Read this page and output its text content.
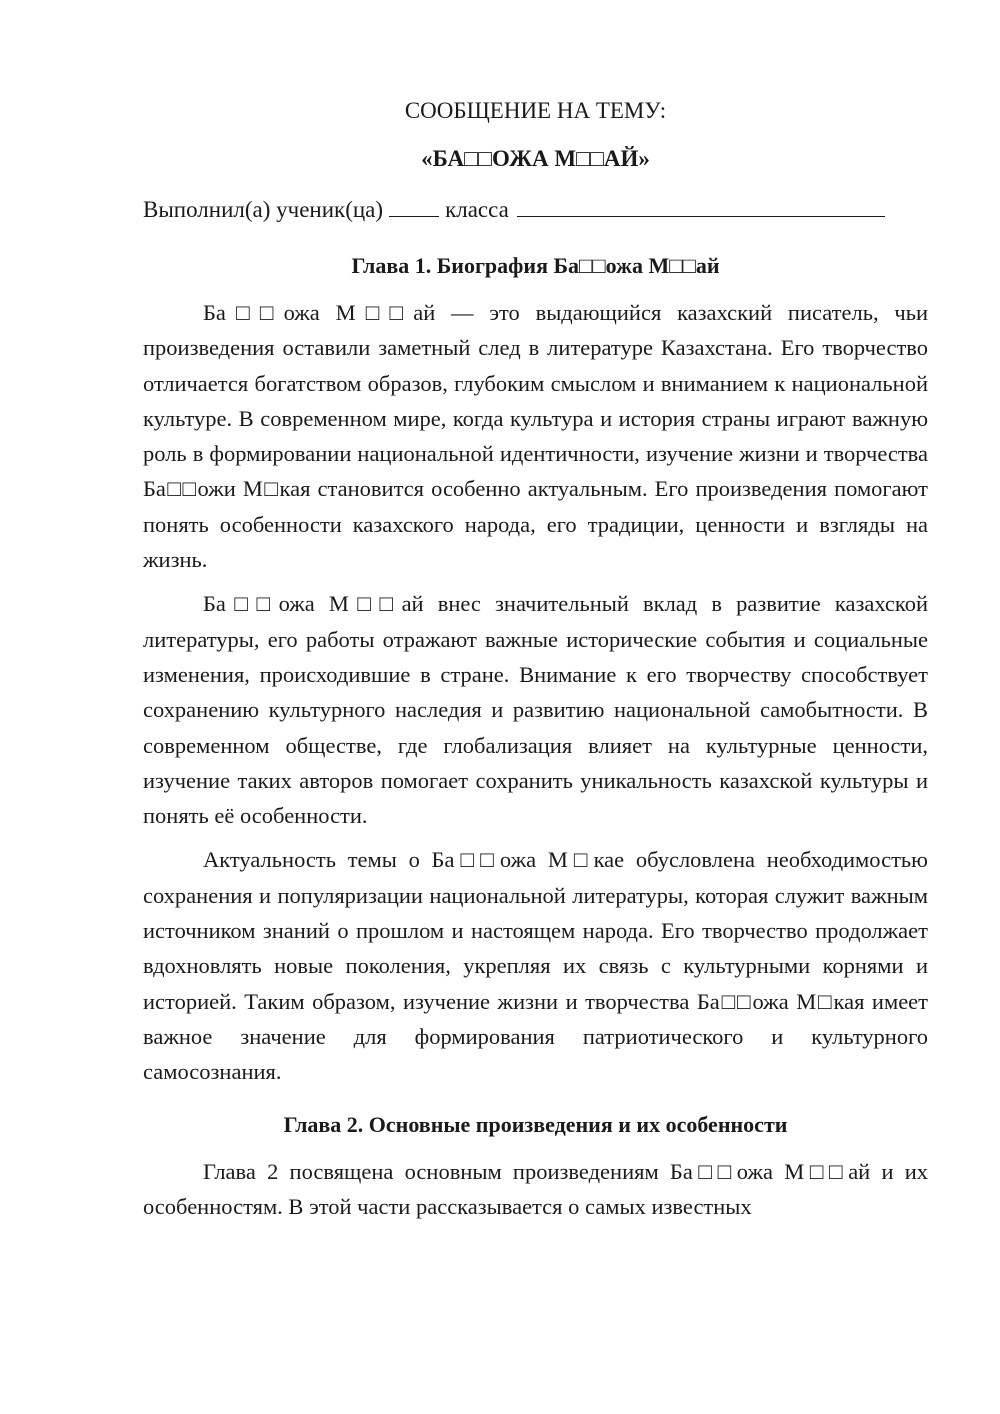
СООБЩЕНИЕ НА ТЕМУ:
«БА□□ОЖА М□□АЙ»
Выполнил(а) ученик(ца)	класса
Глава 1. Биография Ба□□ожа М□□ай

Ба□□ожа М□□ай — это выдающийся казахский писатель, чьи произведения оставили заметный след в литературе Казахстана. Его творчество отличается богатством образов, глубоким смыслом и вниманием к национальной культуре. В современном мире, когда культура и история страны играют важную роль в формировании национальной идентичности, изучение жизни и творчества Ба□□ожи М□кая становится особенно актуальным. Его произведения помогают понять особенности казахского народа, его традиции, ценности и взгляды на жизнь.

Ба□□ожа М□□ай внес значительный вклад в развитие казахской литературы, его работы отражают важные исторические события и социальные изменения, происходившие в стране. Внимание к его творчеству способствует сохранению культурного наследия и развитию национальной самобытности. В современном обществе, где глобализация влияет на культурные ценности, изучение таких авторов помогает сохранить уникальность казахской культуры и понять её особенности.

Актуальность темы о Ба□□ожа М□кае обусловлена необходимостью сохранения и популяризации национальной литературы, которая служит важным источником знаний о прошлом и настоящем народа. Его творчество продолжает вдохновлять новые поколения, укрепляя их связь с культурными корнями и историей. Таким образом, изучение жизни и творчества Ба□□ожа М□кая имеет важное значение для формирования патриотического и культурного самосознания.

Глава 2. Основные произведения и их особенности

Глава 2 посвящена основным произведениям Ба□□ожа М□□ай и их особенностям. В этой части рассказывается о самых известных
